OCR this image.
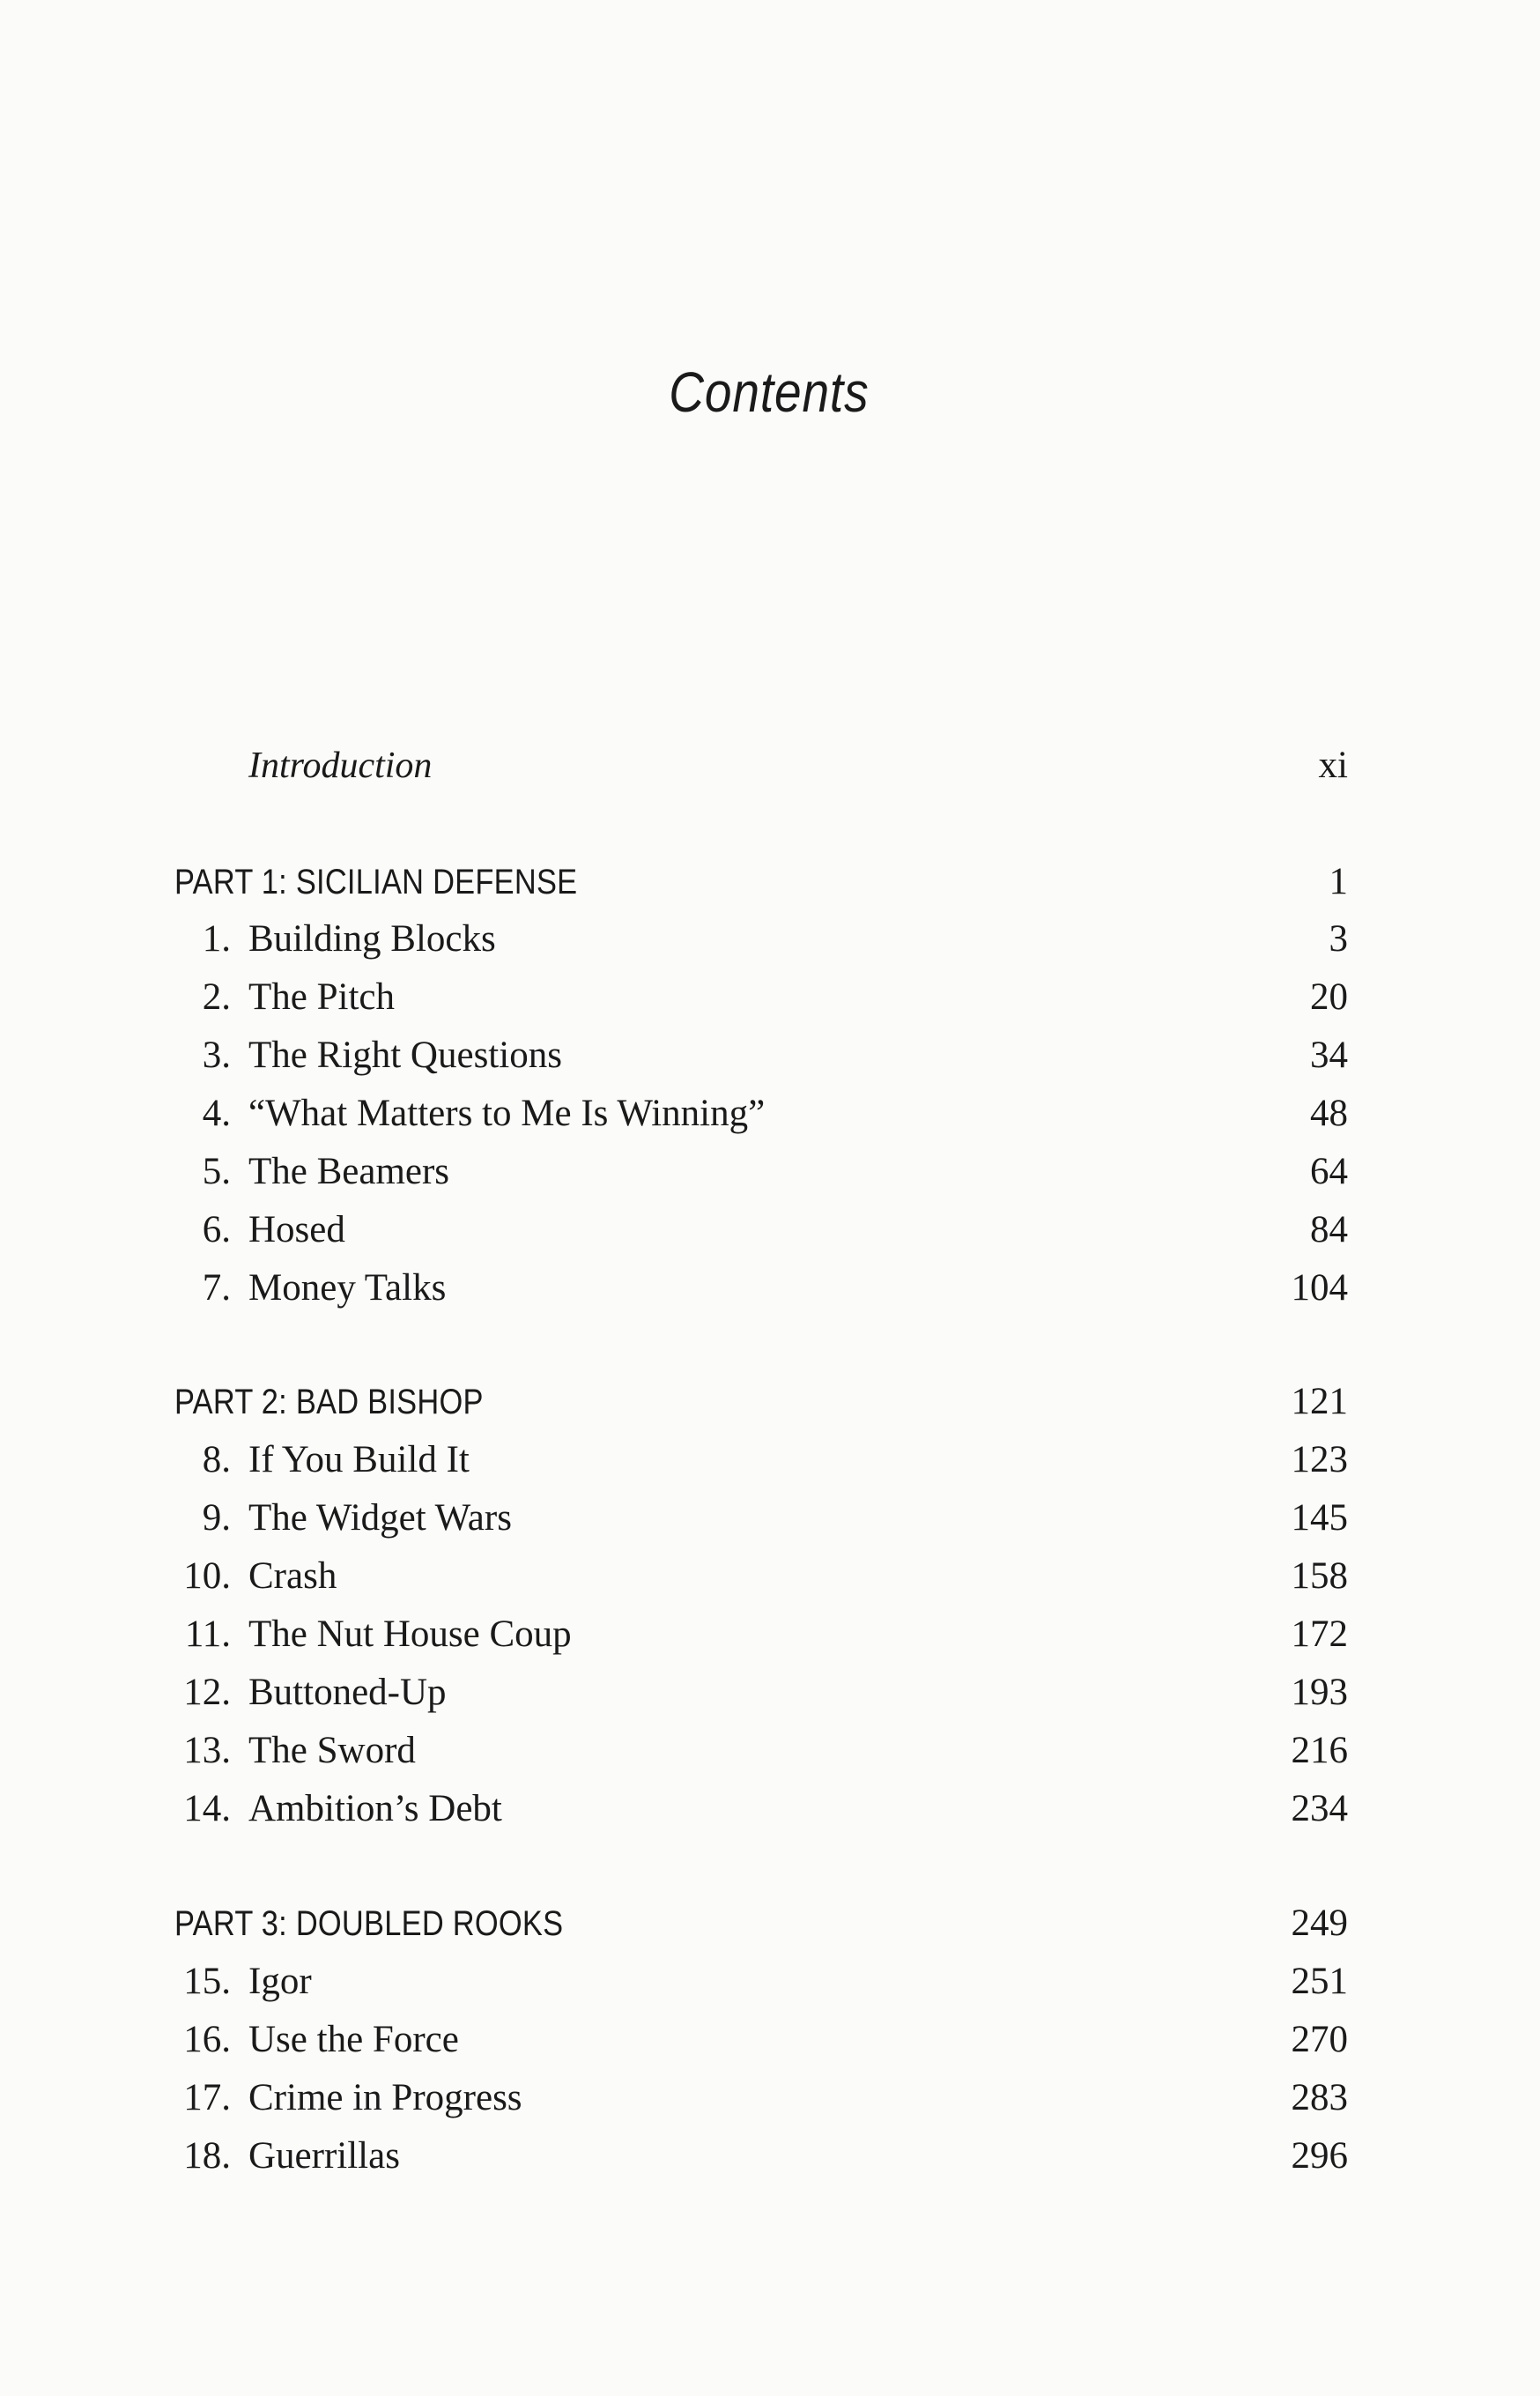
Contents
Introduction	xi
PART 1: SICILIAN DEFENSE	1
1. Building Blocks	3
2. The Pitch	20
3. The Right Questions	34
4. “What Matters to Me Is Winning”	48
5. The Beamers	64
6. Hosed	84
7. Money Talks	104
PART 2: BAD BISHOP	121
8. If You Build It	123
9. The Widget Wars	145
10. Crash	158
11. The Nut House Coup	172
12. Buttoned-Up	193
13. The Sword	216
14. Ambition’s Debt	234
PART 3: DOUBLED ROOKS	249
15. Igor	251
16. Use the Force	270
17. Crime in Progress	283
18. Guerrillas	296
